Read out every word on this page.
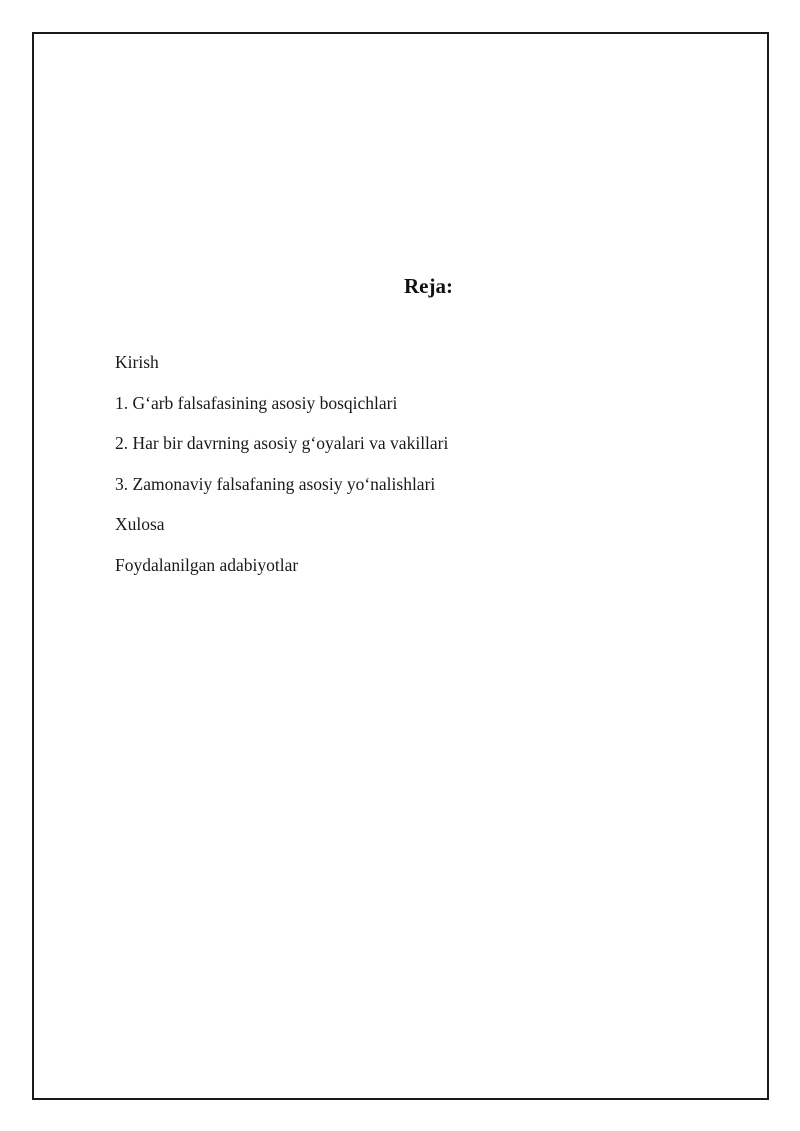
Reja:
Kirish
1. G‘arb falsafasining asosiy bosqichlari
2. Har bir davrning asosiy g‘oyalari va vakillari
3. Zamonaviy falsafaning asosiy yo‘nalishlari
Xulosa
Foydalanilgan adabiyotlar
